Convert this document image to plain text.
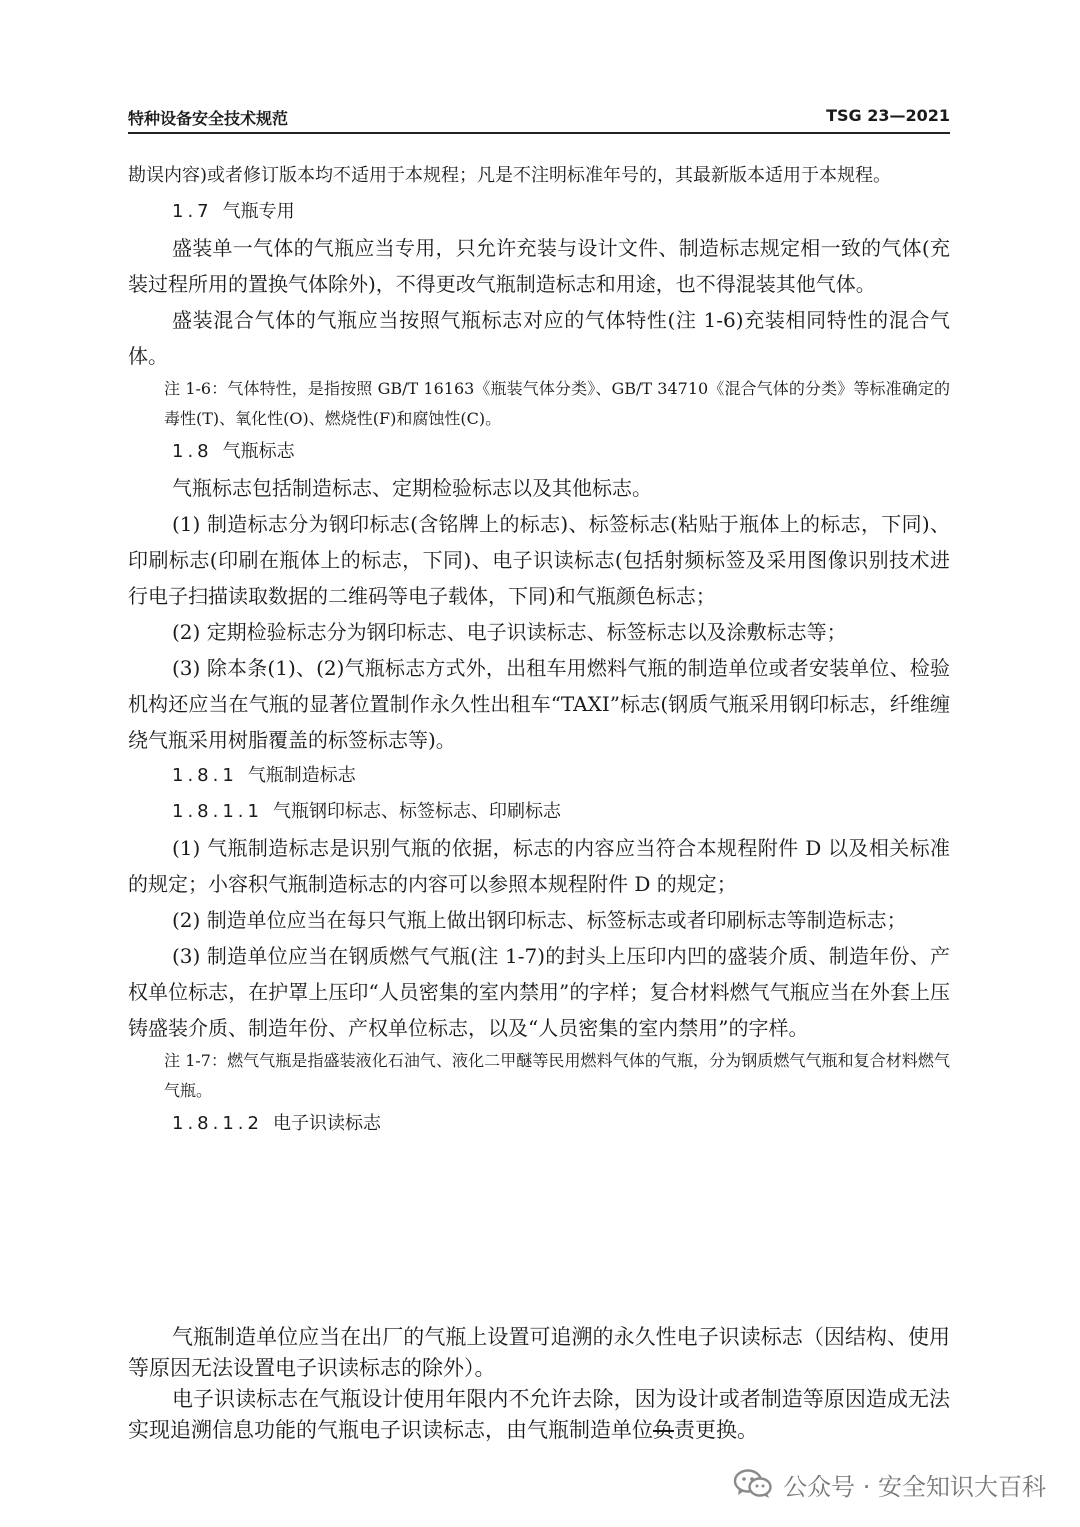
特种设备安全技术规范	TSG 23—2021

勘误内容)或者修订版本均不适用于本规程；凡是不注明标准年号的，其最新版本适用于本规程。

1.7 气瓶专用

盛装单一气体的气瓶应当专用，只允许充装与设计文件、制造标志规定相一致的气体(充装过程所用的置换气体除外)，不得更改气瓶制造标志和用途，也不得混装其他气体。

盛装混合气体的气瓶应当按照气瓶标志对应的气体特性(注 1-6)充装相同特性的混合气体。

注 1-6：气体特性，是指按照 GB/T 16163《瓶装气体分类》、GB/T 34710《混合气体的分类》等标准确定的毒性(T)、氧化性(O)、燃烧性(F)和腐蚀性(C)。

1.8 气瓶标志

气瓶标志包括制造标志、定期检验标志以及其他标志。

(1) 制造标志分为钢印标志(含铭牌上的标志)、标签标志(粘贴于瓶体上的标志，下同)、印刷标志(印刷在瓶体上的标志，下同)、电子识读标志(包括射频标签及采用图像识别技术进行电子扫描读取数据的二维码等电子载体，下同)和气瓶颜色标志；

(2) 定期检验标志分为钢印标志、电子识读标志、标签标志以及涂敷标志等；

(3) 除本条(1)、(2)气瓶标志方式外，出租车用燃料气瓶的制造单位或者安装单位、检验机构还应当在气瓶的显著位置制作永久性出租车“TAXI”标志(钢质气瓶采用钢印标志，纤维缠绕气瓶采用树脂覆盖的标签标志等)。

1.8.1 气瓶制造标志
1.8.1.1 气瓶钢印标志、标签标志、印刷标志

(1) 气瓶制造标志是识别气瓶的依据，标志的内容应当符合本规程附件 D 以及相关标准的规定；小容积气瓶制造标志的内容可以参照本规程附件 D 的规定；

(2) 制造单位应当在每只气瓶上做出钢印标志、标签标志或者印刷标志等制造标志；

(3) 制造单位应当在钢质燃气气瓶(注 1-7)的封头上压印内凹的盛装介质、制造年份、产权单位标志，在护罩上压印“人员密集的室内禁用”的字样；复合材料燃气气瓶应当在外套上压铸盛装介质、制造年份、产权单位标志，以及“人员密集的室内禁用”的字样。

注 1-7：燃气气瓶是指盛装液化石油气、液化二甲醚等民用燃料气体的气瓶，分为钢质燃气气瓶和复合材料燃气气瓶。

1.8.1.2 电子识读标志

气瓶制造单位应当在出厂的气瓶上设置可追溯的永久性电子识读标志（因结构、使用等原因无法设置电子识读标志的除外）。

电子识读标志在气瓶设计使用年限内不允许去除，因为设计或者制造等原因造成无法实现追溯信息功能的气瓶电子识读标志，由气瓶制造单位负责更换。

公众号 · 安全知识大百科
